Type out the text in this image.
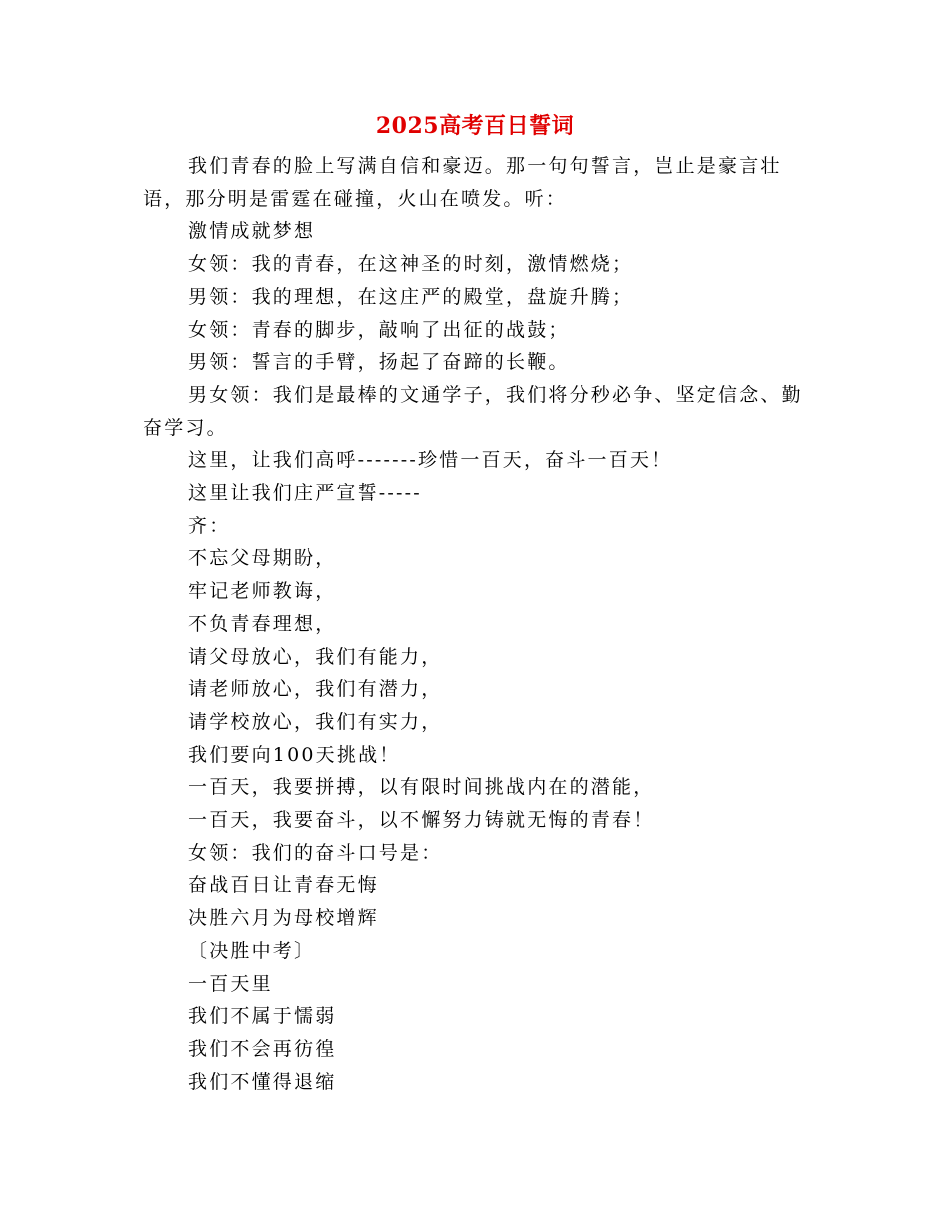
2025高考百日誓词

我们青春的脸上写满自信和豪迈。那一句句誓言，岂止是豪言壮语，那分明是雷霆在碰撞，火山在喷发。听：

激情成就梦想

女领：我的青春，在这神圣的时刻，激情燃烧；

男领：我的理想，在这庄严的殿堂，盘旋升腾；

女领：青春的脚步，敲响了出征的战鼓；

男领：誓言的手臂，扬起了奋蹄的长鞭。

男女领：我们是最棒的文通学子，我们将分秒必争、坚定信念、勤奋学习。

这里，让我们高呼-------珍惜一百天，奋斗一百天！

这里让我们庄严宣誓-----

齐：

不忘父母期盼，

牢记老师教诲，

不负青春理想，

请父母放心，我们有能力，

请老师放心，我们有潜力，

请学校放心，我们有实力，

我们要向100天挑战！

一百天，我要拼搏，以有限时间挑战内在的潜能，

一百天，我要奋斗，以不懈努力铸就无悔的青春！

女领：我们的奋斗口号是：

奋战百日让青春无悔

决胜六月为母校增辉

〔决胜中考〕

一百天里

我们不属于懦弱

我们不会再彷徨

我们不懂得退缩
